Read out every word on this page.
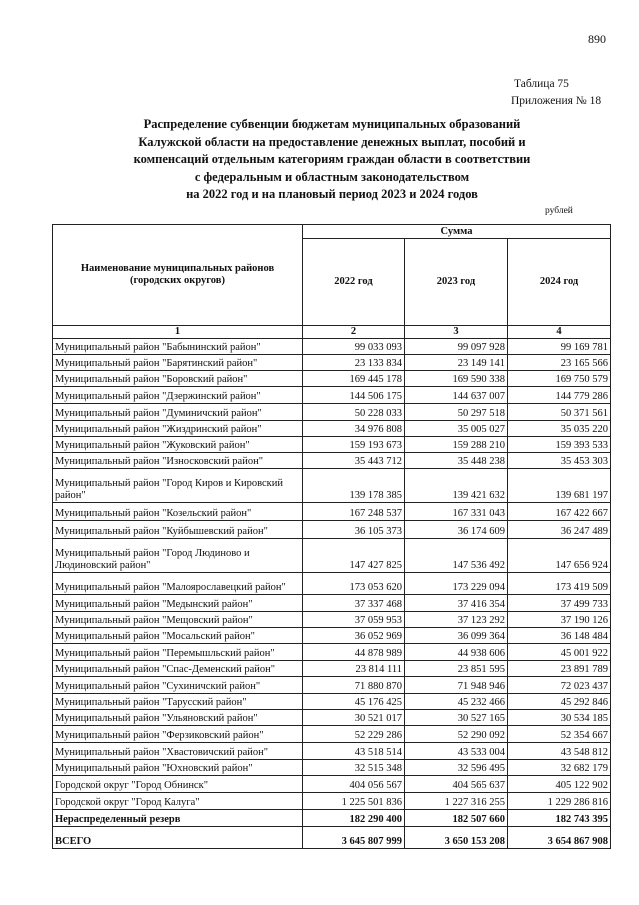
890
Таблица 75
Приложения № 18
Распределение субвенции бюджетам муниципальных образований
Калужской области на предоставление денежных выплат, пособий и
компенсаций отдельным категориям граждан области в соответствии
с федеральным и областным законодательством
на 2022 год и на плановый период 2023 и 2024 годов
рублей
Наименование муниципальных районов (городских округов)	Сумма		
	2022 год	2023 год	2024 год
1	2	3	4
Муниципальный район "Бабынинский район"	99 033 093	99 097 928	99 169 781
Муниципальный район "Барятинский район"	23 133 834	23 149 141	23 165 566
Муниципальный район "Боровский район"	169 445 178	169 590 338	169 750 579
Муниципальный район "Дзержинский район"	144 506 175	144 637 007	144 779 286
Муниципальный район "Думиничский район"	50 228 033	50 297 518	50 371 561
Муниципальный район "Жиздринский район"	34 976 808	35 005 027	35 035 220
Муниципальный район "Жуковский район"	159 193 673	159 288 210	159 393 533
Муниципальный район "Износковский район"	35 443 712	35 448 238	35 453 303
Муниципальный район "Город Киров и Кировский район"	139 178 385	139 421 632	139 681 197
Муниципальный район "Козельский район"	167 248 537	167 331 043	167 422 667
Муниципальный район "Куйбышевский район"	36 105 373	36 174 609	36 247 489
Муниципальный район "Город Людиново и Людиновский район"	147 427 825	147 536 492	147 656 924
Муниципальный район "Малоярославецкий район"	173 053 620	173 229 094	173 419 509
Муниципальный район "Медынский район"	37 337 468	37 416 354	37 499 733
Муниципальный район "Мещовский район"	37 059 953	37 123 292	37 190 126
Муниципальный район "Мосальский район"	36 052 969	36 099 364	36 148 484
Муниципальный район "Перемышльский район"	44 878 989	44 938 606	45 001 922
Муниципальный район "Спас-Деменский район"	23 814 111	23 851 595	23 891 789
Муниципальный район "Сухиничский район"	71 880 870	71 948 946	72 023 437
Муниципальный район "Тарусский район"	45 176 425	45 232 466	45 292 846
Муниципальный район "Ульяновский район"	30 521 017	30 527 165	30 534 185
Муниципальный район "Ферзиковский район"	52 229 286	52 290 092	52 354 667
Муниципальный район "Хвастовичский район"	43 518 514	43 533 004	43 548 812
Муниципальный район "Юхновский район"	32 515 348	32 596 495	32 682 179
Городской округ "Город Обнинск"	404 056 567	404 565 637	405 122 902
Городской округ "Город Калуга"	1 225 501 836	1 227 316 255	1 229 286 816
Нераспределенный резерв	182 290 400	182 507 660	182 743 395
ВСЕГО	3 645 807 999	3 650 153 208	3 654 867 908
